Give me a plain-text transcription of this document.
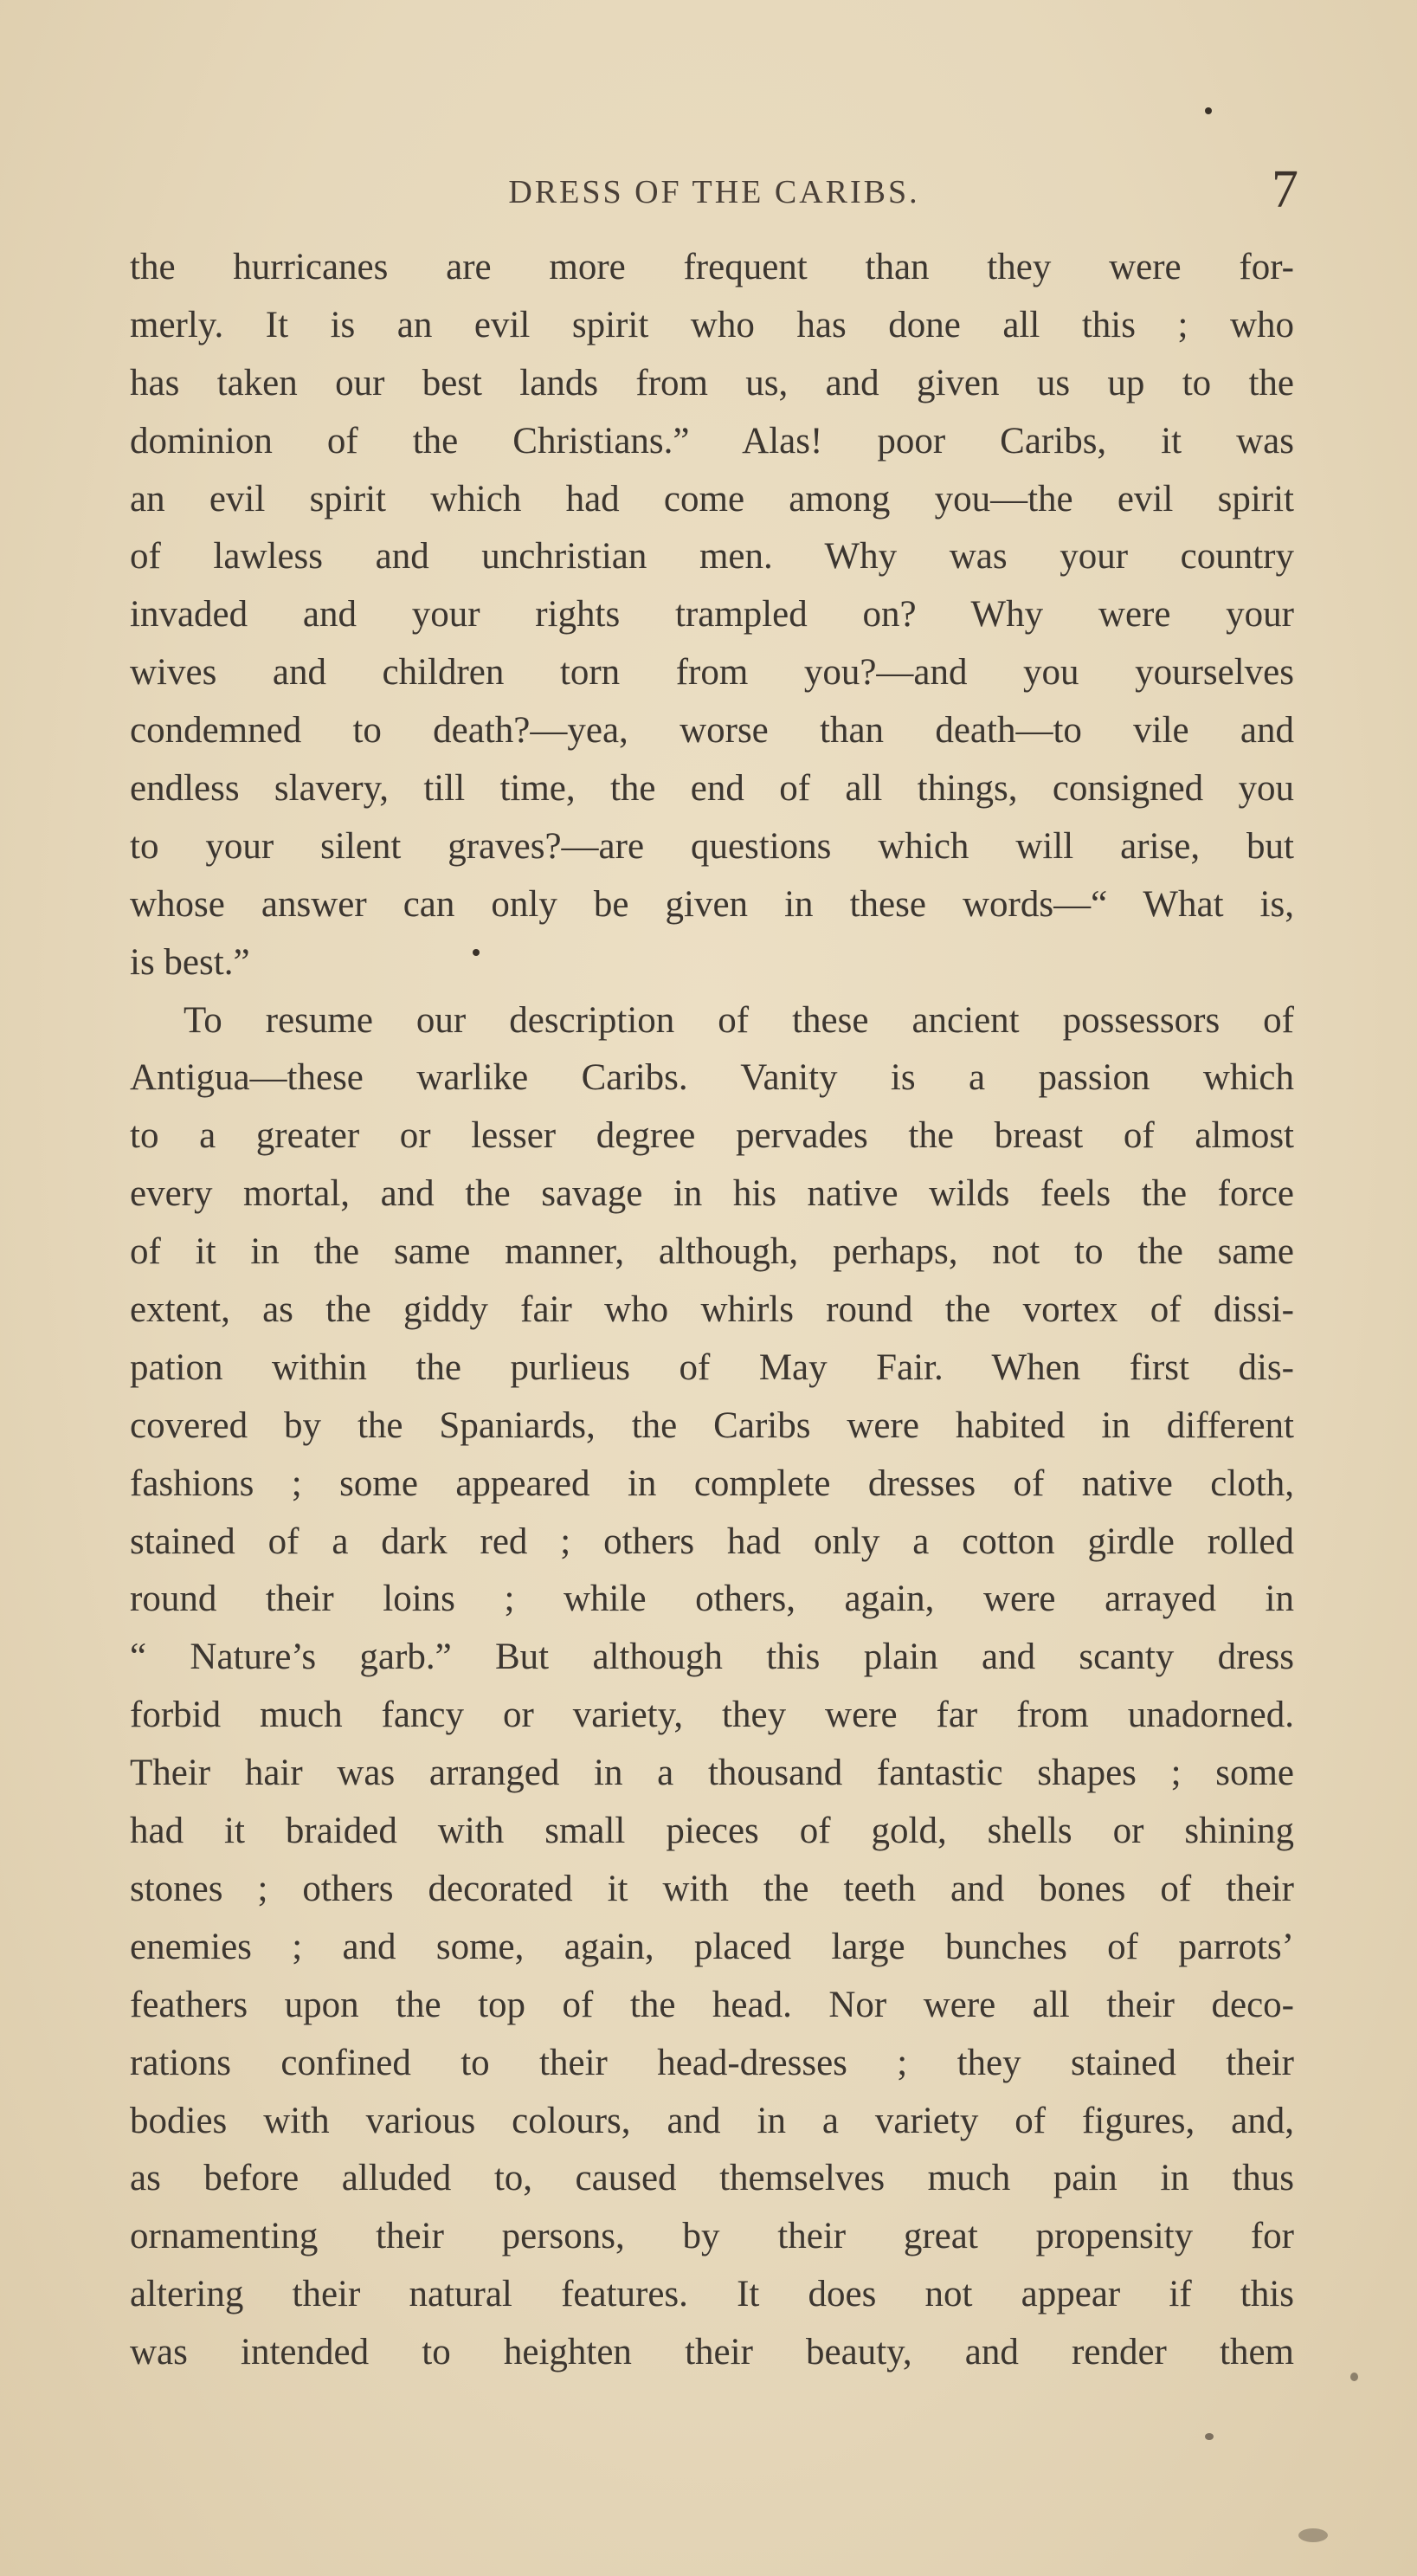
DRESS OF THE CARIBS.	7
the hurricanes are more frequent than they were for-
merly. It is an evil spirit who has done all this ; who
has taken our best lands from us, and given us up to the
dominion of the Christians.” Alas! poor Caribs, it was
an evil spirit which had come among you—the evil spirit
of lawless and unchristian men. Why was your country
invaded and your rights trampled on? Why were your
wives and children torn from you?—and you yourselves
condemned to death?—yea, worse than death—to vile and
endless slavery, till time, the end of all things, consigned you
to your silent graves?—are questions which will arise, but
whose answer can only be given in these words—“ What is,
is best.”
To resume our description of these ancient possessors of
Antigua—these warlike Caribs. Vanity is a passion which
to a greater or lesser degree pervades the breast of almost
every mortal, and the savage in his native wilds feels the force
of it in the same manner, although, perhaps, not to the same
extent, as the giddy fair who whirls round the vortex of dissi-
pation within the purlieus of May Fair. When first dis-
covered by the Spaniards, the Caribs were habited in different
fashions ; some appeared in complete dresses of native cloth,
stained of a dark red ; others had only a cotton girdle rolled
round their loins ; while others, again, were arrayed in
“ Nature’s garb.” But although this plain and scanty dress
forbid much fancy or variety, they were far from unadorned.
Their hair was arranged in a thousand fantastic shapes ; some
had it braided with small pieces of gold, shells or shining
stones ; others decorated it with the teeth and bones of their
enemies ; and some, again, placed large bunches of parrots’
feathers upon the top of the head. Nor were all their deco-
rations confined to their head-dresses ; they stained their
bodies with various colours, and in a variety of figures, and,
as before alluded to, caused themselves much pain in thus
ornamenting their persons, by their great propensity for
altering their natural features. It does not appear if this
was intended to heighten their beauty, and render them
